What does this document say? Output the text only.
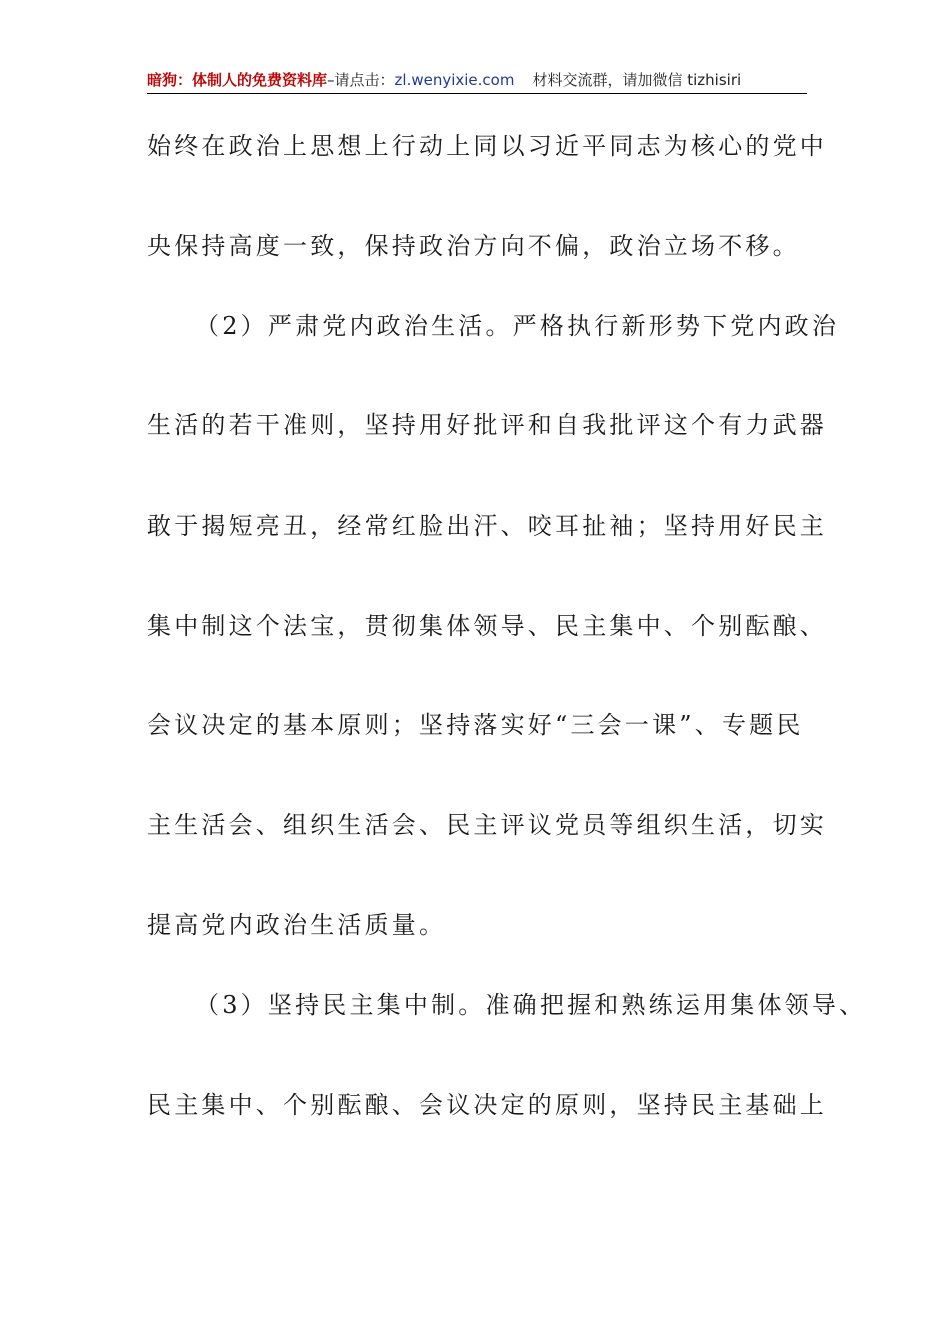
暗狗：体制人的免费资料库–请点击：zl.wenyixie.com 材料交流群，请加微信 tizhisiri
始终在政治上思想上行动上同以习近平同志为核心的党中
央保持高度一致，保持政治方向不偏，政治立场不移。
（2）严肃党内政治生活。严格执行新形势下党内政治
生活的若干准则，坚持用好批评和自我批评这个有力武器
敢于揭短亮丑，经常红脸出汗、咬耳扯袖；坚持用好民主
集中制这个法宝，贯彻集体领导、民主集中、个别酝酿、
会议决定的基本原则；坚持落实好“三会一课”、专题民
主生活会、组织生活会、民主评议党员等组织生活，切实
提高党内政治生活质量。
（3）坚持民主集中制。准确把握和熟练运用集体领导、
民主集中、个别酝酿、会议决定的原则，坚持民主基础上
